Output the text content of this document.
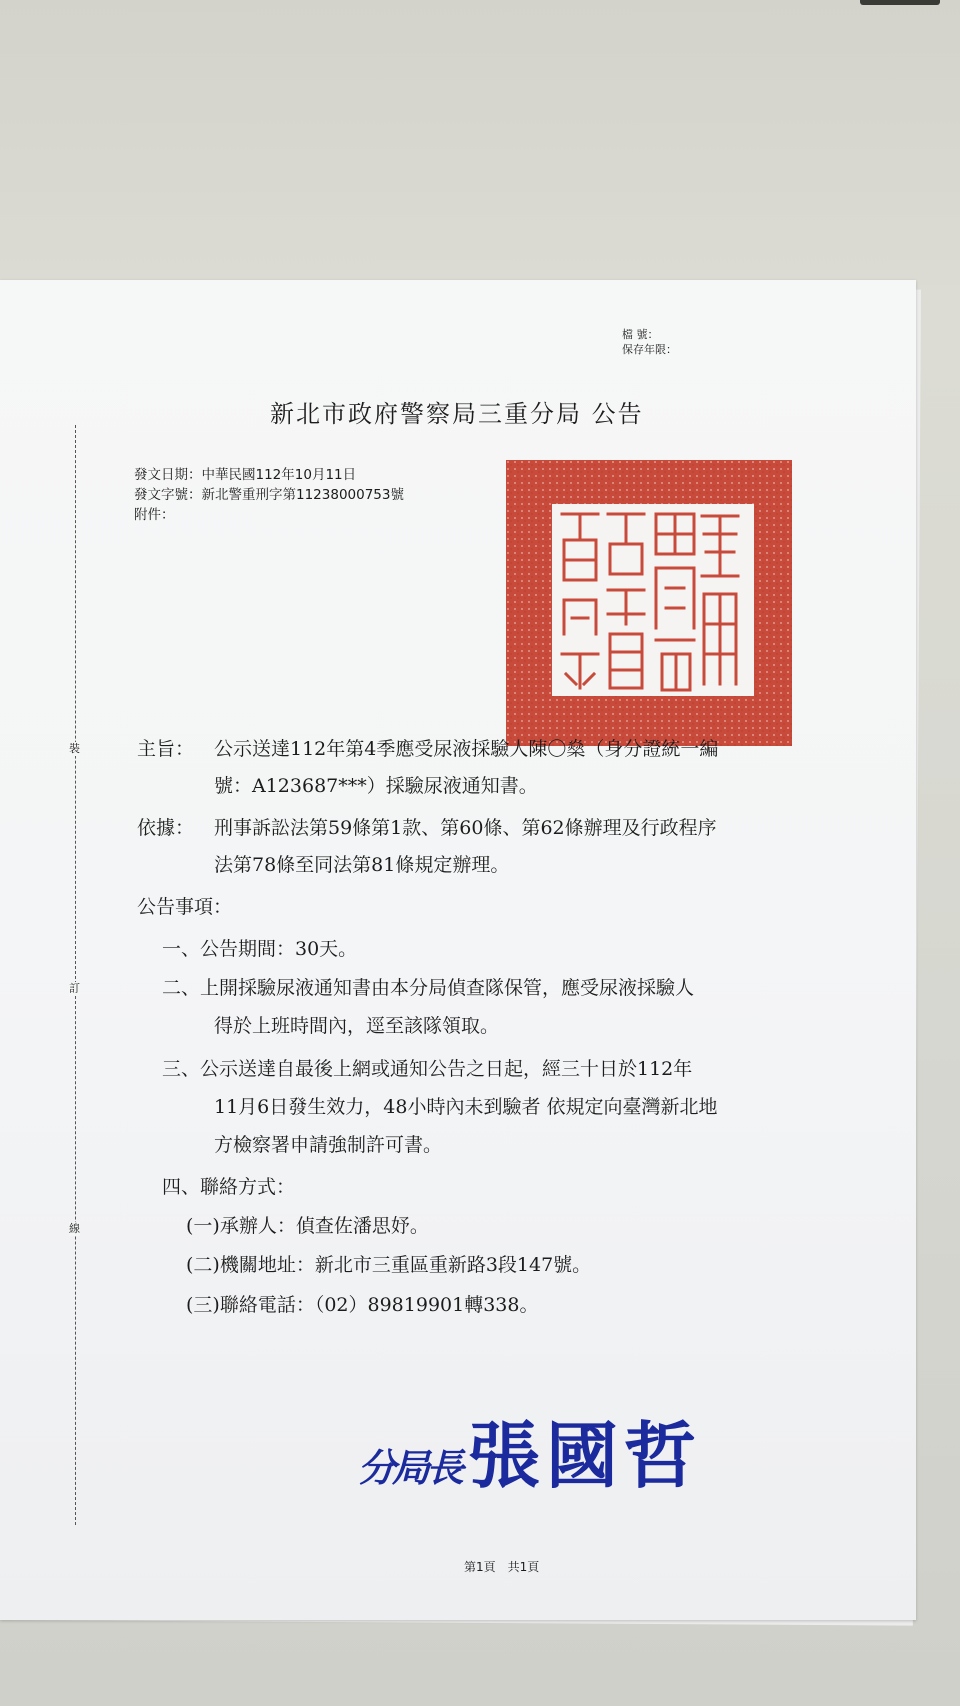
裝
訂
線
檔 號：
保存年限：
新北市政府警察局三重分局 公告
發文日期：中華民國112年10月11日
發文字號：新北警重刑字第11238000753號
附件：
主旨： 公示送達112年第4季應受尿液採驗人陳〇燊（身分證統一編
號：A123687***）採驗尿液通知書。
依據： 刑事訴訟法第59條第1款、第60條、第62條辦理及行政程序
法第78條至同法第81條規定辦理。
公告事項：
一、公告期間：30天。
二、上開採驗尿液通知書由本分局偵查隊保管，應受尿液採驗人
得於上班時間內，逕至該隊領取。
三、公示送達自最後上網或通知公告之日起，經三十日於112年
11月6日發生效力，48小時內未到驗者 依規定向臺灣新北地
方檢察署申請強制許可書。
四、聯絡方式：
(一)承辦人：偵查佐潘思妤。
(二)機關地址：新北市三重區重新路3段147號。
(三)聯絡電話：（02）89819901轉338。
分局長 張國哲
第1頁　共1頁
